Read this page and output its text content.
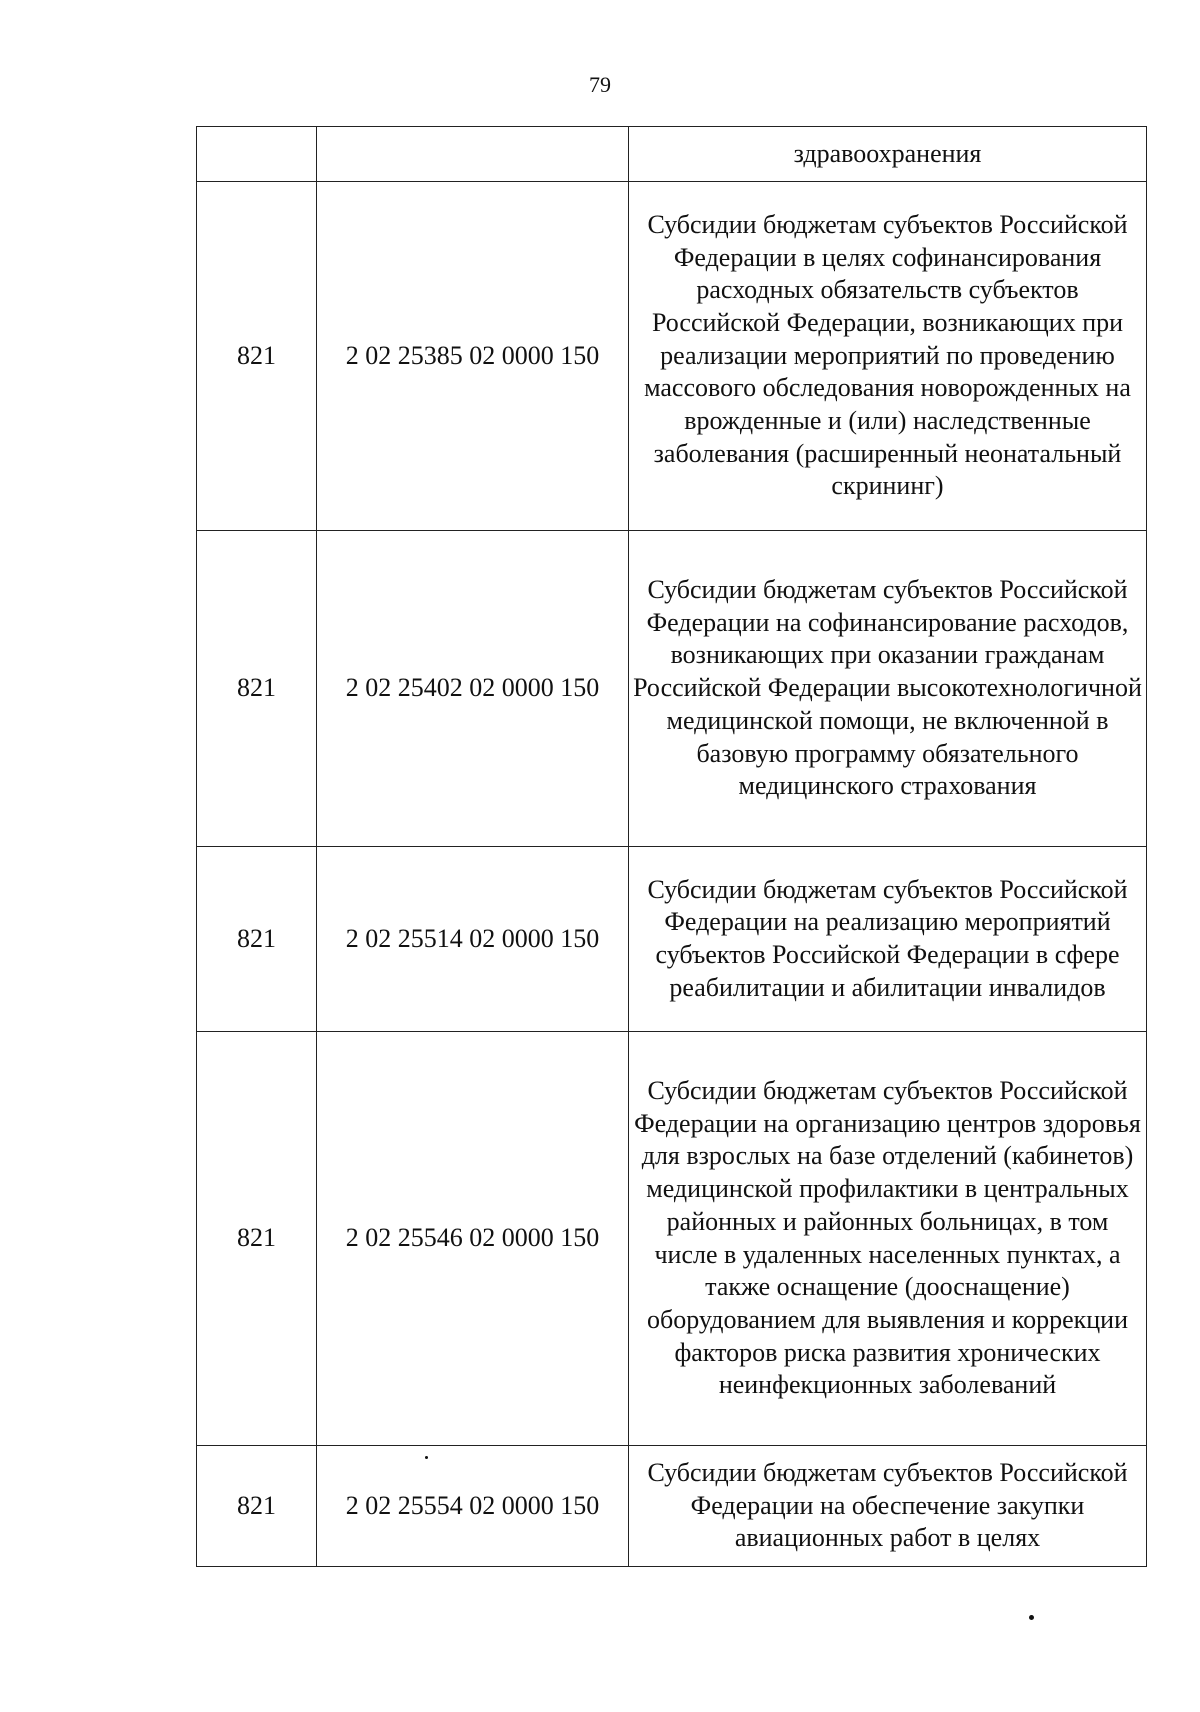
79
		здравоохранения
821	2 02 25385 02 0000 150	Субсидии бюджетам субъектов Российской Федерации в целях софинансирования расходных обязательств субъектов Российской Федерации, возникающих при реализации мероприятий по проведению массового обследования новорожденных на врожденные и (или) наследственные заболевания (расширенный неонатальный скрининг)
821	2 02 25402 02 0000 150	Субсидии бюджетам субъектов Российской Федерации на софинансирование расходов, возникающих при оказании гражданам Российской Федерации высокотехнологичной медицинской помощи, не включенной в базовую программу обязательного медицинского страхования
821	2 02 25514 02 0000 150	Субсидии бюджетам субъектов Российской Федерации на реализацию мероприятий субъектов Российской Федерации в сфере реабилитации и абилитации инвалидов
821	2 02 25546 02 0000 150	Субсидии бюджетам субъектов Российской Федерации на организацию центров здоровья для взрослых на базе отделений (кабинетов) медицинской профилактики в центральных районных и районных больницах, в том числе в удаленных населенных пунктах, а также оснащение (дооснащение) оборудованием для выявления и коррекции факторов риска развития хронических неинфекционных заболеваний
821	2 02 25554 02 0000 150	Субсидии бюджетам субъектов Российской Федерации на обеспечение закупки авиационных работ в целях
